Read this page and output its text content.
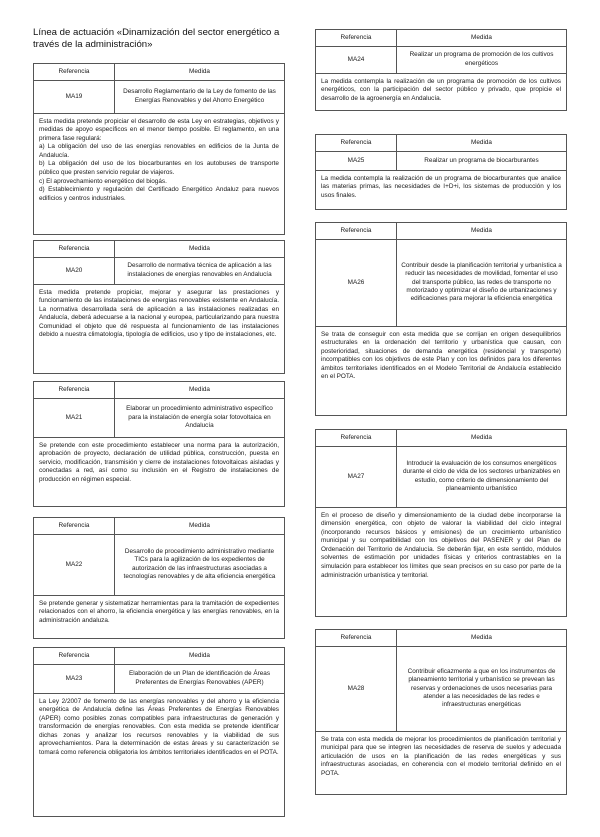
Línea de actuación «Dinamización del sector energético a través de la administración»
Referencia	Medida
MA19	Desarrollo Reglamentario de la Ley de fomento de las Energías Renovables y del Ahorro Energético

Esta medida pretende propiciar el desarrollo de esta Ley en estrategias, objetivos y medidas de apoyo específicos en el menor tiempo posible. El reglamento, en una primera fase regulará:

a) La obligación del uso de las energías renovables en edificios de la Junta de Andalucía.

b) La obligación del uso de los biocarburantes en los autobuses de transporte público que presten servicio regular de viajeros.

c) El aprovechamiento energético del biogás.

d) Establecimiento y regulación del Certificado Energético Andaluz para nuevos edificios y centros industriales.

Referencia	Medida
MA20	Desarrollo de normativa técnica de aplicación a las instalaciones de energías renovables en Andalucía

Esta medida pretende propiciar, mejorar y asegurar las prestaciones y funcionamiento de las instalaciones de energías renovables existente en Andalucía. La normativa desarrollada será de aplicación a las instalaciones realizadas en Andalucía, deberá adecuarse a la nacional y europea, particularizando para nuestra Comunidad el objeto que dé respuesta al funcionamiento de las instalaciones debido a nuestra climatología, tipología de edificios, uso y tipo de instalaciones, etc.

Referencia	Medida
MA21	Elaborar un procedimiento administrativo específico para la instalación de energía solar fotovoltaica en Andalucía

Se pretende con este procedimiento establecer una norma para la autorización, aprobación de proyecto, declaración de utilidad pública, construcción, puesta en servicio, modificación, transmisión y cierre de instalaciones fotovoltaicas aisladas y conectadas a red, así como su inclusión en el Registro de instalaciones de producción en régimen especial.

Referencia	Medida
MA22	Desarrollo de procedimiento administrativo mediante TICs para la agilización de los expedientes de autorización de las infraestructuras asociadas a tecnologías renovables y de alta eficiencia energética

Se pretende generar y sistematizar herramientas para la tramitación de expedientes relacionados con el ahorro, la eficiencia energética y las energías renovables, en la administración andaluza.

Referencia	Medida
MA23	Elaboración de un Plan de identificación de Áreas Preferentes de Energías Renovables (APER)

La Ley 2/2007 de fomento de las energías renovables y del ahorro y la eficiencia energética de Andalucía define las Áreas Preferentes de Energías Renovables (APER) como posibles zonas compatibles para infraestructuras de generación y transformación de energías renovables. Con esta medida se pretende identificar dichas zonas y analizar los recursos renovables y la viabilidad de sus aprovechamientos. Para la determinación de estas áreas y su caracterización se tomará como referencia obligatoria los ámbitos territoriales identificados en el POTA.

Referencia	Medida
MA24	Realizar un programa de promoción de los cultivos energéticos

La medida contempla la realización de un programa de promoción de los cultivos energéticos, con la participación del sector público y privado, que propicie el desarrollo de la agroenergía en Andalucía.

Referencia	Medida
MA25	Realizar un programa de biocarburantes

La medida contempla la realización de un programa de biocarburantes que analice las materias primas, las necesidades de I+D+i, los sistemas de producción y los usos finales.

Referencia	Medida
MA26	Contribuir desde la planificación territorial y urbanística a reducir las necesidades de movilidad, fomentar el uso del transporte público, las redes de transporte no motorizado y optimizar el diseño de urbanizaciones y edificaciones para mejorar la eficiencia energética

Se trata de conseguir con esta medida que se corrijan en origen desequilibrios estructurales en la ordenación del territorio y urbanística que causan, con posterioridad, situaciones de demanda energética (residencial y transporte) incompatibles con los objetivos de este Plan y con los definidos para los diferentes ámbitos territoriales identificados en el Modelo Territorial de Andalucía establecido en el POTA.

Referencia	Medida
MA27	Introducir la evaluación de los consumos energéticos durante el ciclo de vida de los sectores urbanizables en estudio, como criterio de dimensionamiento del planeamiento urbanístico

En el proceso de diseño y dimensionamiento de la ciudad debe incorporarse la dimensión energética, con objeto de valorar la viabilidad del ciclo integral (incorporando recursos básicos y emisiones) de un crecimiento urbanístico municipal y su compatibilidad con los objetivos del PASENER y del Plan de Ordenación del Territorio de Andalucía. Se deberán fijar, en este sentido, módulos solventes de estimación por unidades físicas y criterios contrastables en la simulación para establecer los límites que sean precisos en su caso por parte de la administración urbanística y territorial.

Referencia	Medida
MA28	Contribuir eficazmente a que en los instrumentos de planeamiento territorial y urbanístico se prevean las reservas y ordenaciones de usos necesarias para atender a las necesidades de las redes e infraestructuras energéticas

Se trata con esta medida de mejorar los procedimientos de planificación territorial y municipal para que se integren las necesidades de reserva de suelos y adecuada articulación de usos en la planificación de las redes energéticas y sus infraestructuras asociadas, en coherencia con el modelo territorial definido en el POTA.
